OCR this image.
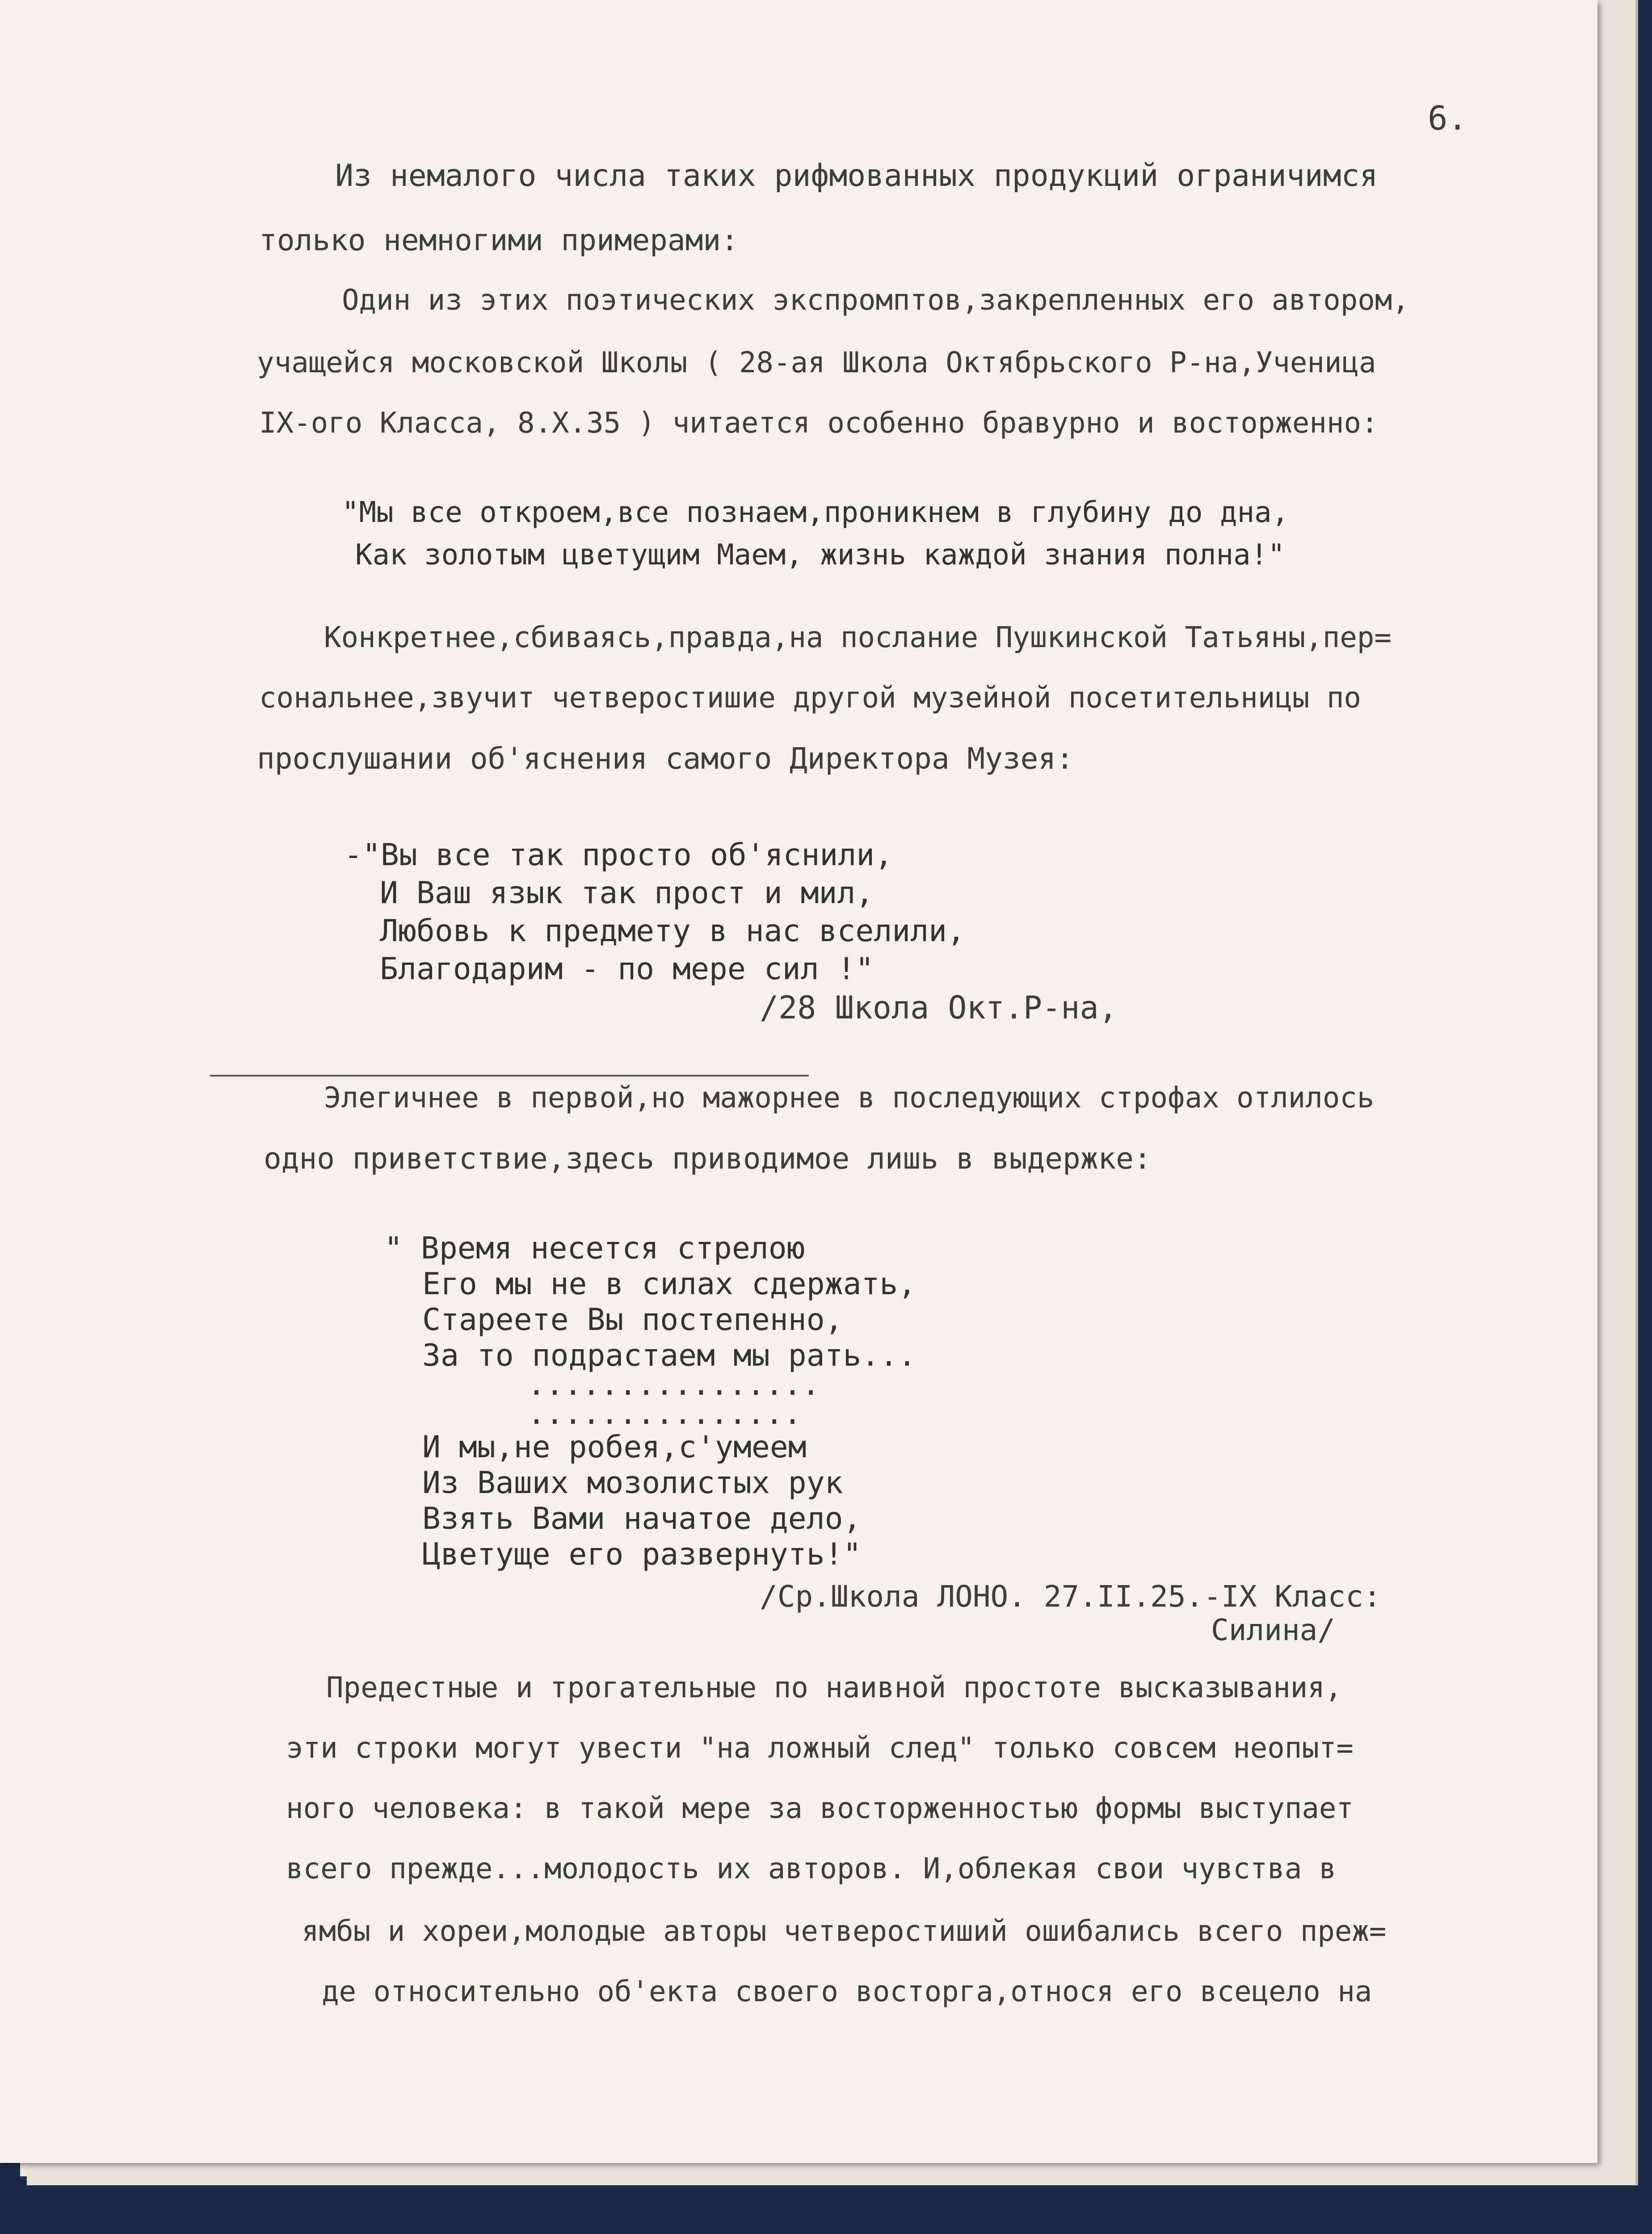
6.
Из немалого числа таких рифмованных продукций ограничимся
только немногими примерами:
Один из этих поэтических экспромптов,закрепленных его автором,
учащейся московской Школы ( 28-ая Школа Октябрьского Р-на,Ученица
IX-ого Класса, 8.X.35 ) читается особенно бравурно и восторженно:
"Мы все откроем,все познаем,проникнем в глубину до дна,
Как золотым цветущим Маем, жизнь каждой знания полна!"
Конкретнее,сбиваясь,правда,на послание Пушкинской Татьяны,пер=
сональнее,звучит четверостишие другой музейной посетительницы по
прослушании об'яснения самого Директора Музея:
-"Вы все так просто об'яснили,
И Ваш язык так прост и мил,
Любовь к предмету в нас вселили,
Благодарим - по мере сил !"
/28 Школа Окт.Р-на,
Элегичнее в первой,но мажорнее в последующих строфах отлилось
одно приветствие,здесь приводимое лишь в выдержке:
" Время несется стрелою
Его мы не в силах сдержать,
Стареете Вы постепенно,
За то подрастаем мы рать...
................
...............
И мы,не робея,с'умеем
Из Ваших мозолистых рук
Взять Вами начатое дело,
Цветуще его развернуть!"
/Ср.Школа ЛОНО. 27.II.25.-IX Класс:
Силина/
Предестные и трогательные по наивной простоте высказывания,
эти строки могут увести "на ложный след" только совсем неопыт=
ного человека: в такой мере за восторженностью формы выступает
всего прежде...молодость их авторов. И,облекая свои чувства в
ямбы и хореи,молодые авторы четверостиший ошибались всего преж=
де относительно об'екта своего восторга,относя его всецело на
